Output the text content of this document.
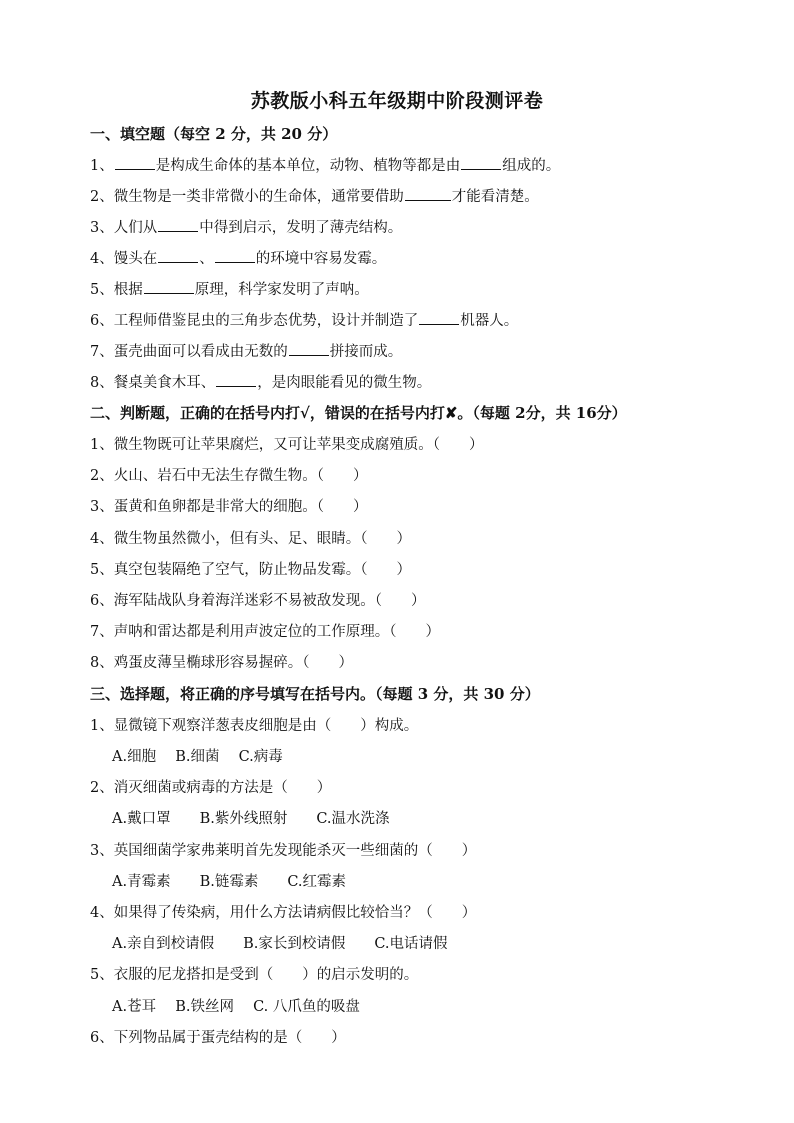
苏教版小科五年级期中阶段测评卷
一、填空题（每空 2 分，共 20 分）
1、	是构成生命体的基本单位，动物、植物等都是由	组成的。
2、微生物是一类非常微小的生命体，通常要借助	才能看清楚。
3、人们从	中得到启示，发明了薄壳结构。
4、馒头在	、	的环境中容易发霉。
5、根据	原理，科学家发明了声呐。
6、工程师借鉴昆虫的三角步态优势，设计并制造了	机器人。
7、蛋壳曲面可以看成由无数的	拼接而成。
8、餐桌美食木耳、	，是肉眼能看见的微生物。
二、判断题，正确的在括号内打√，错误的在括号内打✘。（每题 2分，共 16分）
1、微生物既可让苹果腐烂，又可让苹果变成腐殖质。（　　）
2、火山、岩石中无法生存微生物。（　　）
3、蛋黄和鱼卵都是非常大的细胞。（　　）
4、微生物虽然微小，但有头、足、眼睛。（　　）
5、真空包装隔绝了空气，防止物品发霉。（　　）
6、海军陆战队身着海洋迷彩不易被敌发现。（　　）
7、声呐和雷达都是利用声波定位的工作原理。（　　）
8、鸡蛋皮薄呈椭球形容易握碎。（　　）
三、选择题，将正确的序号填写在括号内。（每题 3 分，共 30 分）
1、显微镜下观察洋葱表皮细胞是由（　　）构成。
A.细胞　 B.细菌　 C.病毒
2、消灭细菌或病毒的方法是（　　）
A.戴口罩　　B.紫外线照射　　C.温水洗涤
3、英国细菌学家弗莱明首先发现能杀灭一些细菌的（　　）
A.青霉素　　B.链霉素　　C.红霉素
4、如果得了传染病，用什么方法请病假比较恰当？（　　）
A.亲自到校请假　　B.家长到校请假　　C.电话请假
5、衣服的尼龙搭扣是受到（　　）的启示发明的。
A.苍耳　 B.铁丝网　 C. 八爪鱼的吸盘
6、下列物品属于蛋壳结构的是（　　）
